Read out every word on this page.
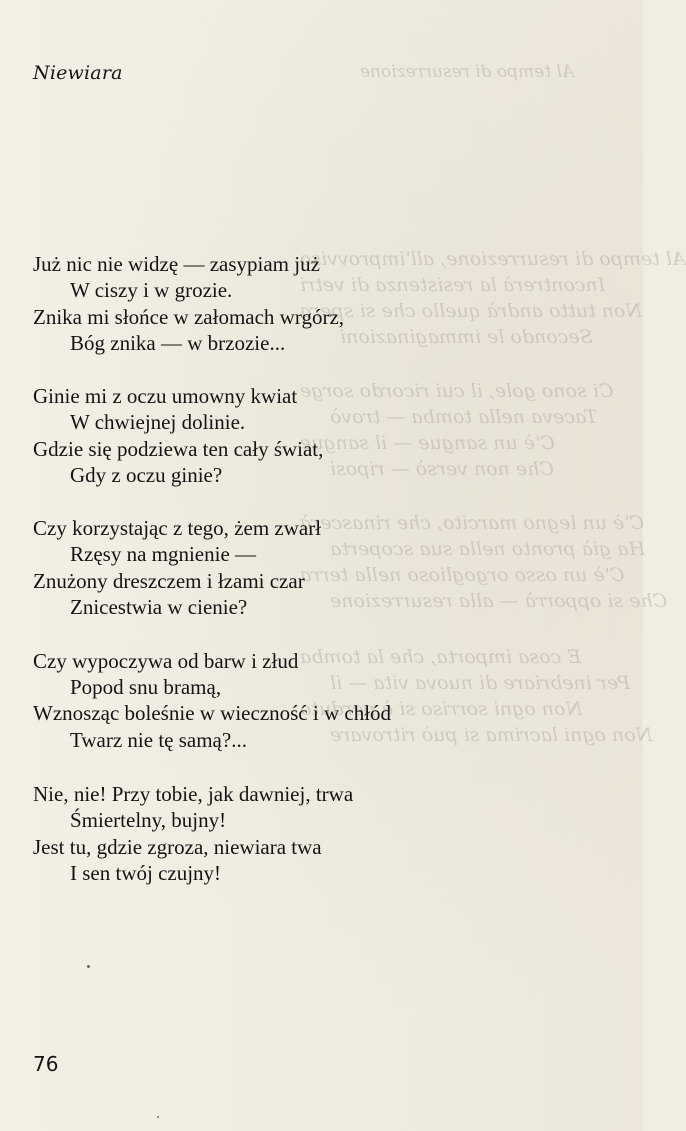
Al tempo di resurrezione
Al tempo di resurrezione, all'improvviso
Incontrerà la resistenza di vetri
Non tutto andrà quello che si spera
Secondo le immaginazioni
Ci sono gole, il cui ricordo sorge
Taceva nella tomba — trovò
C'è un sangue — il sangue
Che non versò — riposi
C'è un legno marcito, che rinascerà
Ha già pronto nella sua scoperta
C'è un osso orgoglioso nella terra
Che si opporrà — alla resurrezione
E cosa importa, che la tomba
Per inebriare di nuova vita — il
Non ogni sorriso si è perduto
Non ogni lacrima si può ritrovare
Niewiara
Już nic nie widzę — zasypiam już
W ciszy i w grozie.
Znika mi słońce w załomach wrgórz,
Bóg znika — w brzozie...
Ginie mi z oczu umowny kwiat
W chwiejnej dolinie.
Gdzie się podziewa ten cały świat,
Gdy z oczu ginie?
Czy korzystając z tego, żem zwarł
Rzęsy na mgnienie —
Znużony dreszczem i łzami czar
Znicestwia w cienie?
Czy wypoczywa od barw i złud
Popod snu bramą,
Wznosząc boleśnie w wieczność i w chłód
Twarz nie tę samą?...
Nie, nie! Przy tobie, jak dawniej, trwa
Śmiertelny, bujny!
Jest tu, gdzie zgroza, niewiara twa
I sen twój czujny!
76
